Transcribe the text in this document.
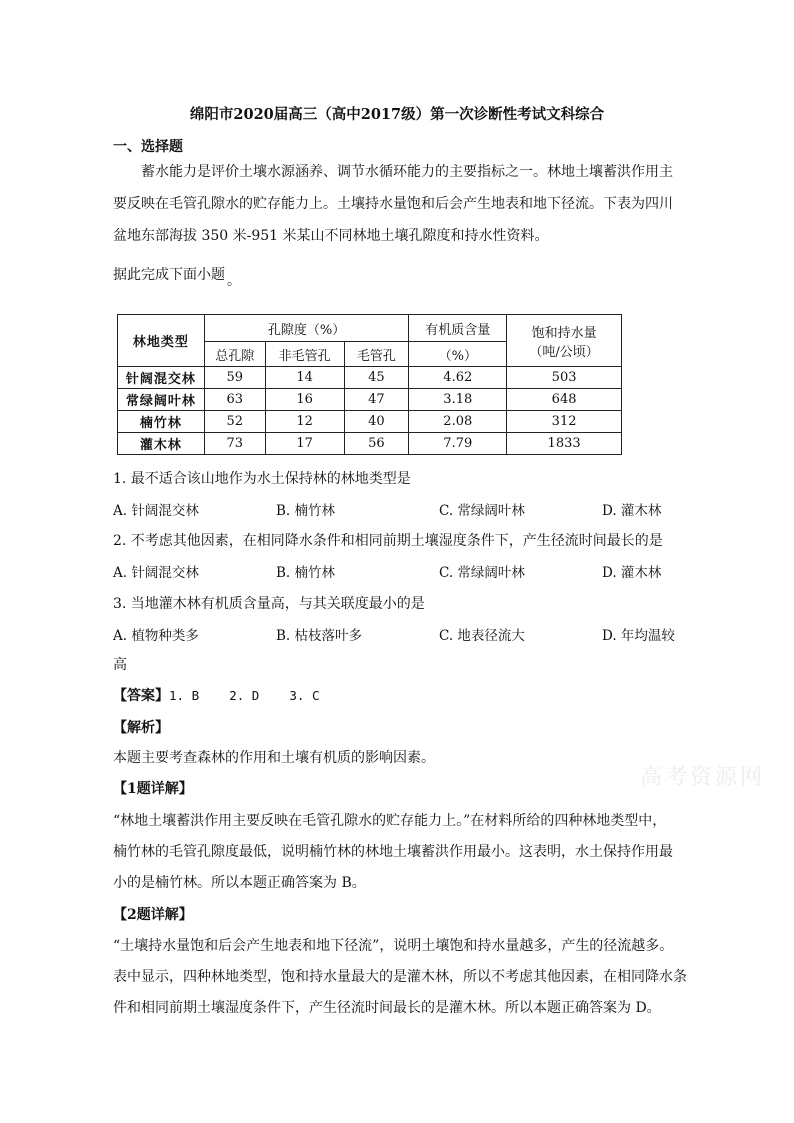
绵阳市2020届高三（高中2017级）第一次诊断性考试文科综合
一、选择题
蓄水能力是评价土壤水源涵养、调节水循环能力的主要指标之一。林地土壤蓄洪作用主
要反映在毛管孔隙水的贮存能力上。土壤持水量饱和后会产生地表和地下径流。下表为四川
盆地东部海拔 350 米-951 米某山不同林地土壤孔隙度和持水性资料。
据此完成下面小题 。
林地类型	孔隙度（%）			有机质含量	饱和持水量
（吨/公顷）

	总孔隙	非毛管孔	毛管孔	（%）	
针阔混交林	59	14	45	4.62	503
常绿阔叶林	63	16	47	3.18	648
楠竹林	52	12	40	2.08	312
灌木林	73	17	56	7.79	1833
1. 最不适合该山地作为水土保持林的林地类型是
A. 针阔混交林	B. 楠竹林	C. 常绿阔叶林	D. 灌木林
2. 不考虑其他因素，在相同降水条件和相同前期土壤湿度条件下，产生径流时间最长的是
A. 针阔混交林	B. 楠竹林	C. 常绿阔叶林	D. 灌木林
3. 当地灌木林有机质含量高，与其关联度最小的是
A. 植物种类多	B. 枯枝落叶多	C. 地表径流大	D. 年均温较
高
【答案】1. B    2. D    3. C
【解析】
本题主要考查森林的作用和土壤有机质的影响因素。
【1题详解】
“林地土壤蓄洪作用主要反映在毛管孔隙水的贮存能力上。”在材料所给的四种林地类型中，
楠竹林的毛管孔隙度最低，说明楠竹林的林地土壤蓄洪作用最小。这表明，水土保持作用最
小的是楠竹林。所以本题正确答案为 B。
【2题详解】
“土壤持水量饱和后会产生地表和地下径流”，说明土壤饱和持水量越多，产生的径流越多。
表中显示，四种林地类型，饱和持水量最大的是灌木林，所以不考虑其他因素，在相同降水条
件和相同前期土壤湿度条件下，产生径流时间最长的是灌木林。所以本题正确答案为 D。
高考资源网
